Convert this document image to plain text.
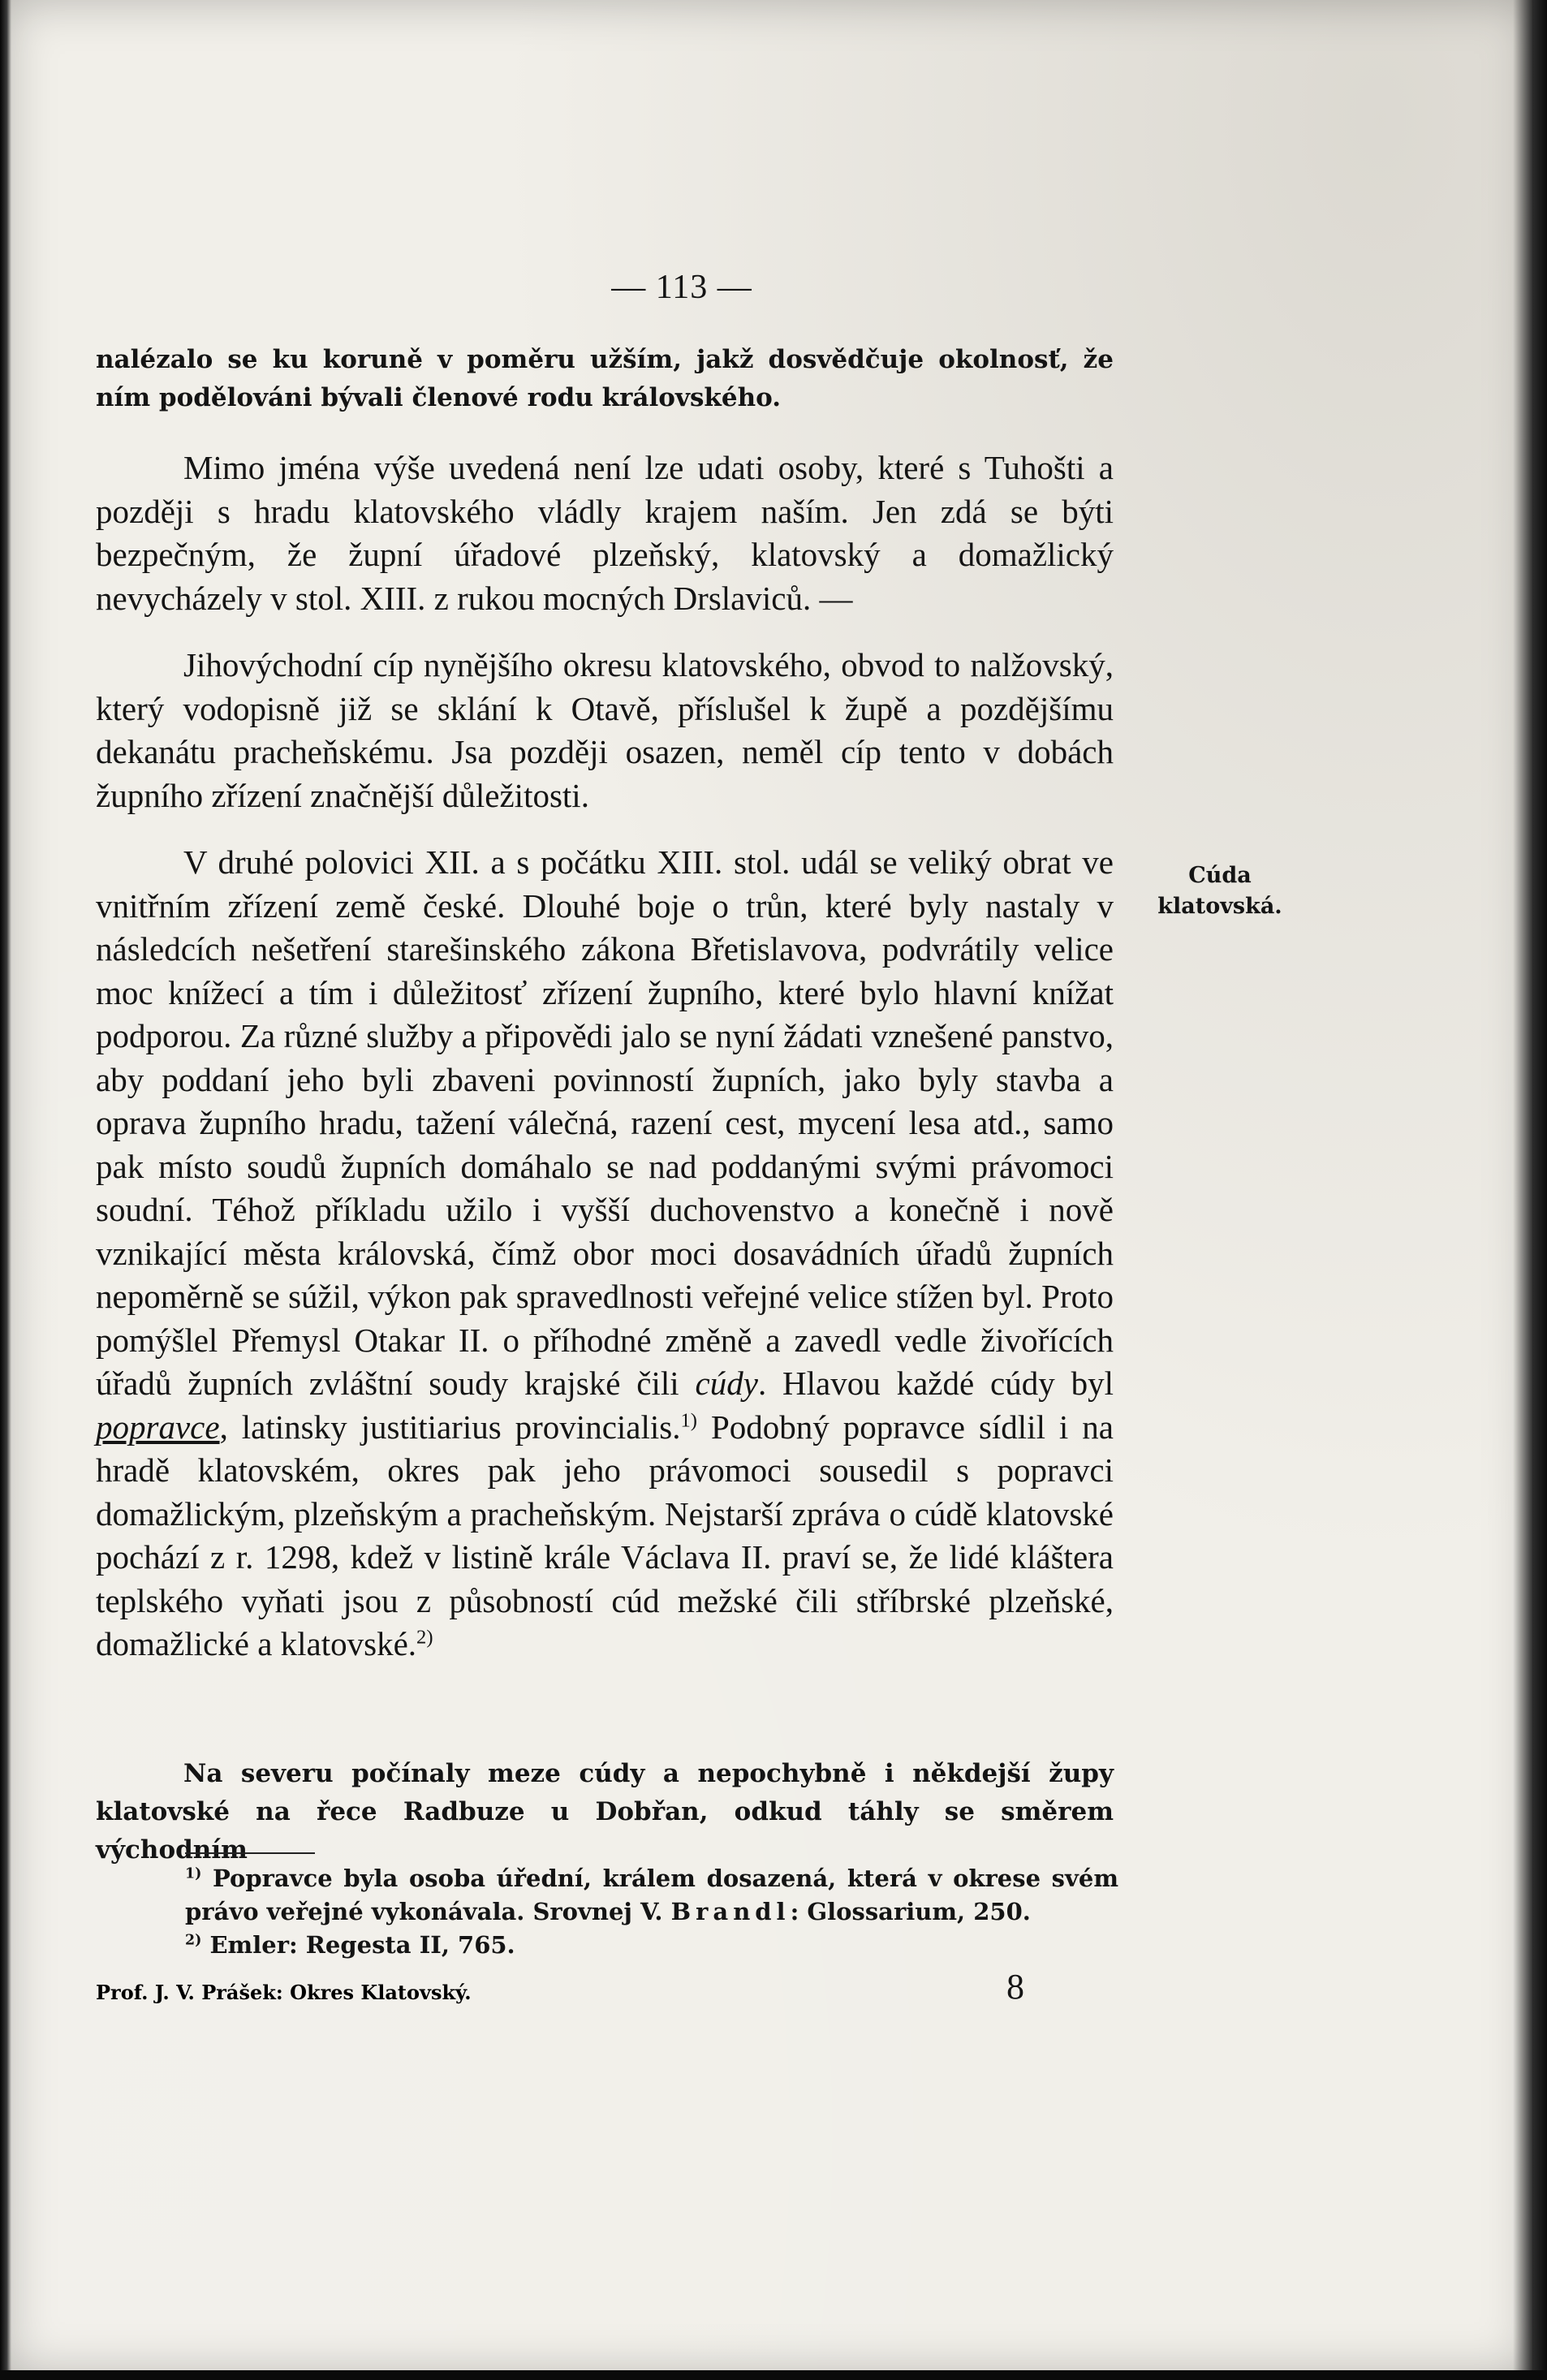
— 113 —

nalézalo se ku koruně v poměru užším, jakž dosvědčuje okolnosť, že ním podělováni bývali členové rodu královského.

Mimo jména výše uvedená není lze udati osoby, které s Tuhošti a později s hradu klatovského vládly krajem naším. Jen zdá se býti bezpečným, že župní úřadové plzeňský, klatovský a domažlický nevycházely v stol. XIII. z rukou mocných Drslaviců. —

Jihovýchodní cíp nynějšího okresu klatovského, obvod to nalžovský, který vodopisně již se sklání k Otavě, příslušel k župě a pozdějšímu dekanátu pracheňskému. Jsa později osazen, neměl cíp tento v dobách župního zřízení značnější důležitosti.

V druhé polovici XII. a s počátku XIII. stol. udál se veliký obrat ve vnitřním zřízení země české. Dlouhé boje o trůn, které byly nastaly v následcích nešetření starešinského zákona Břetislavova, podvrátily velice moc knížecí a tím i důležitosť zřízení župního, které bylo hlavní knížat podporou. Za různé služby a připovědi jalo se nyní žádati vznešené panstvo, aby poddaní jeho byli zbaveni povinností župních, jako byly stavba a oprava župního hradu, tažení válečná, razení cest, mycení lesa atd., samo pak místo soudů župních domáhalo se nad poddanými svými právomoci soudní. Téhož příkladu užilo i vyšší duchovenstvo a konečně i nově vznikající města královská, čímž obor moci dosavádních úřadů župních nepoměrně se súžil, výkon pak spravedlnosti veřejné velice stížen byl. Proto pomýšlel Přemysl Otakar II. o příhodné změně a zavedl vedle živořících úřadů župních zvláštní soudy krajské čili cúdy. Hlavou každé cúdy byl popravce, latinsky justitiarius provincialis.$^{1)}$ Podobný popravce sídlil i na hradě klatovském, okres pak jeho právomoci sousedil s popravci domažlickým, plzeňským a pracheňským. Nejstarší zpráva o cúdě klatovské pochází z r. 1298, kdež v listině krále Václava II. praví se, že lidé kláštera teplského vyňati jsou z působností cúd mežské čili stříbrské plzeňské, domažlické a klatovské.$^{2)}$

Na severu počínaly meze cúdy a nepochybně i někdejší župy klatovské na řece Radbuze u Dobřan, odkud táhly se směrem východním

Cúda
klatovská.

$^{1)}$ Popravce byla osoba úřední, králem dosazená, která v okrese svém právo veřejné vykonávala. Srovnej V. Brandl: Glossarium, 250.

$^{2)}$ Emler: Regesta II, 765.

Prof. J. V. Prášek: Okres Klatovský.	8
